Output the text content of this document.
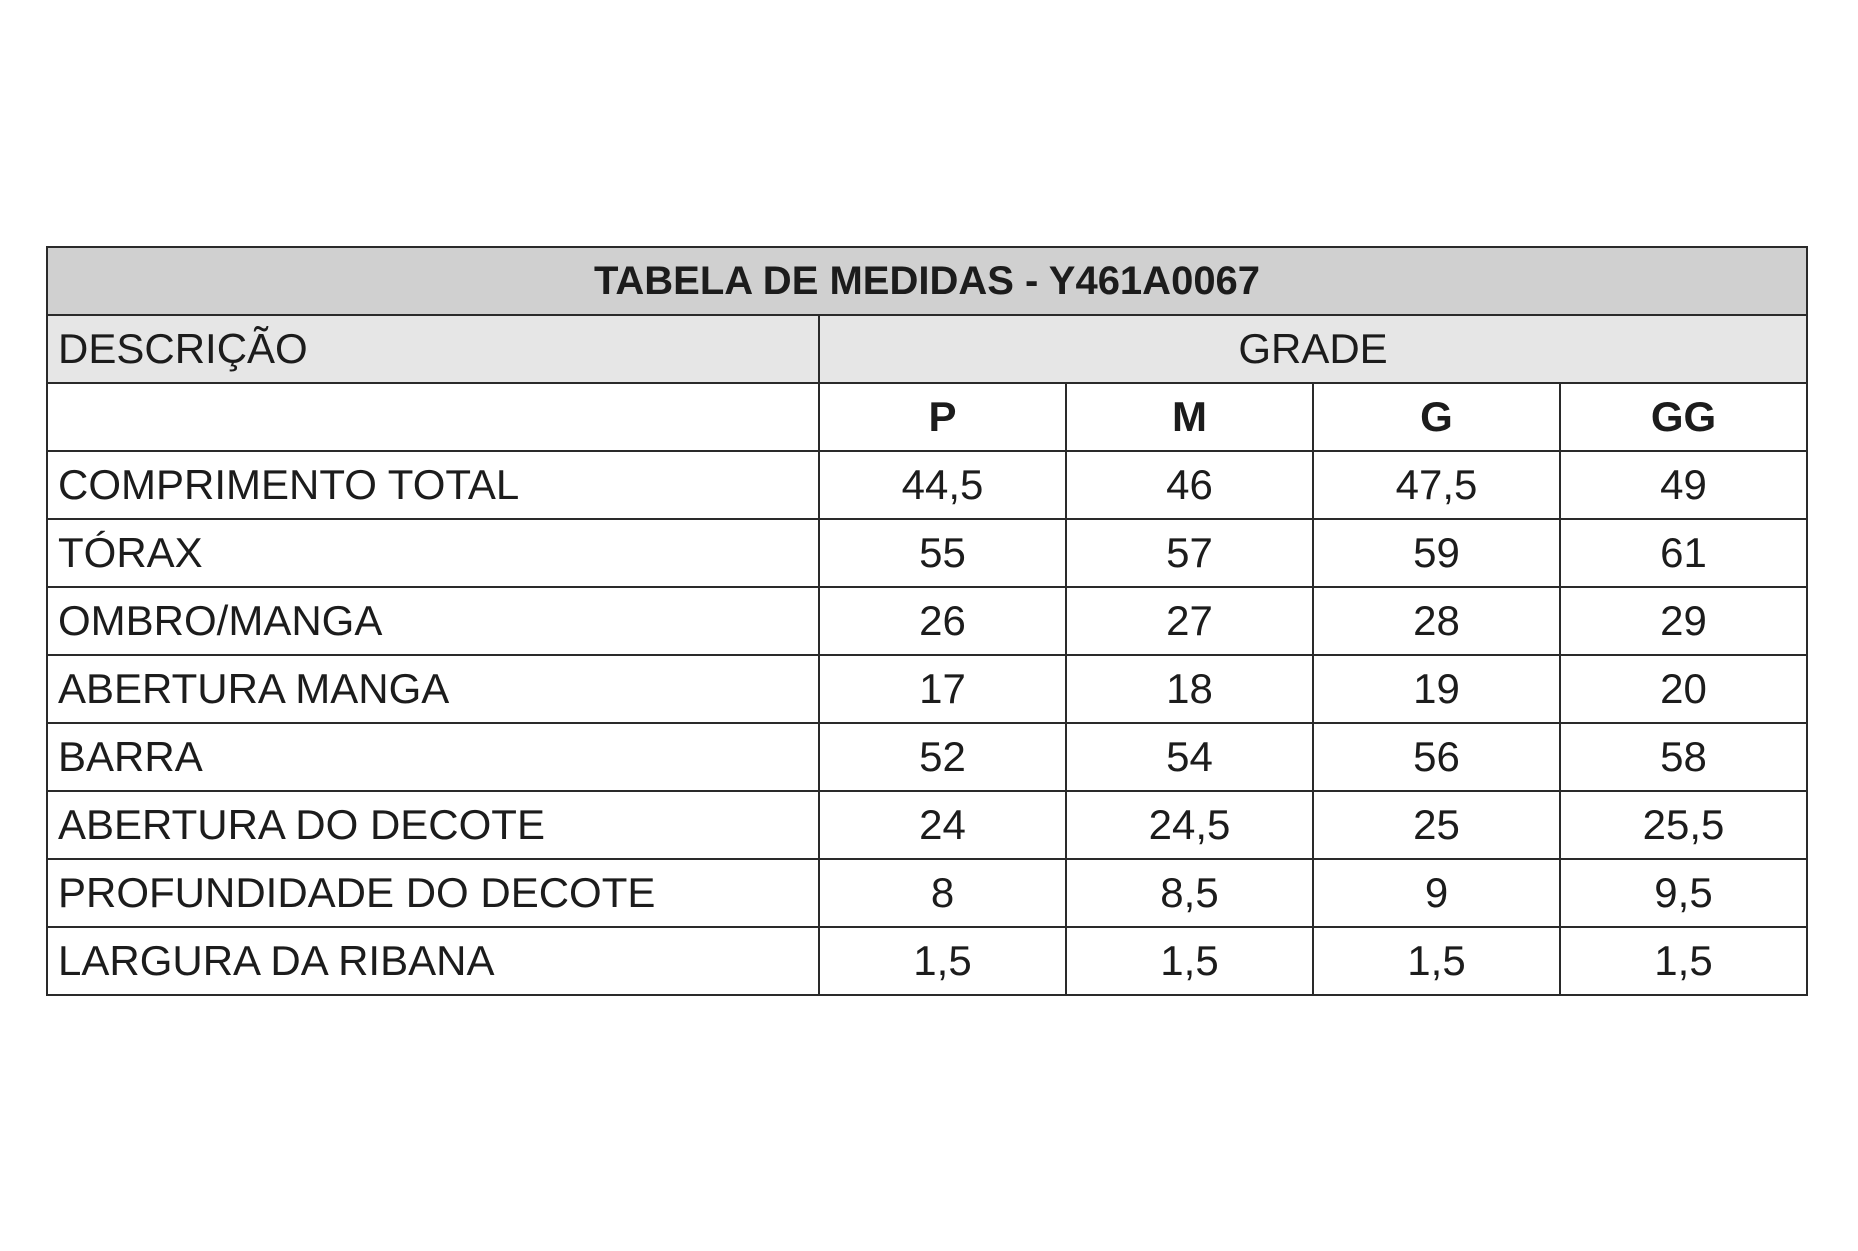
TABELA DE MEDIDAS - Y461A0067				
DESCRIÇÃO	GRADE			
	P	M	G	GG
COMPRIMENTO TOTAL	44,5	46	47,5	49
TÓRAX	55	57	59	61
OMBRO/MANGA	26	27	28	29
ABERTURA MANGA	17	18	19	20
BARRA	52	54	56	58
ABERTURA DO DECOTE	24	24,5	25	25,5
PROFUNDIDADE DO DECOTE	8	8,5	9	9,5
LARGURA DA RIBANA	1,5	1,5	1,5	1,5
